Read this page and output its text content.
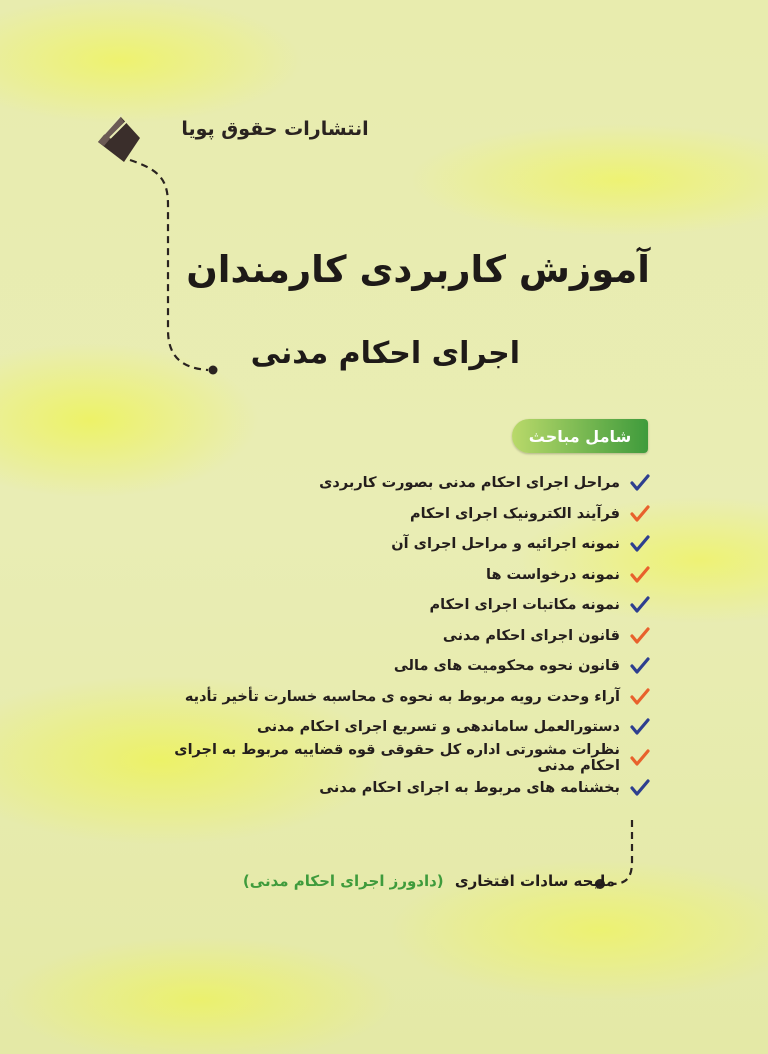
انتشارات حقوق پویا
آموزش کاربردی کارمندان
اجرای احکام مدنی
شامل مباحث
مراحل اجرای احکام مدنی بصورت کاربردی
فرآیند الکترونیک اجرای احکام
نمونه اجرائیه و مراحل اجرای آن
نمونه درخواست ها
نمونه مکاتبات اجرای احکام
قانون اجرای احکام مدنی
قانون نحوه محکومیت های مالی
آراء وحدت رویه مربوط به نحوه ی محاسبه خسارت تأخیر تأدیه
دستورالعمل ساماندهی و تسریع اجرای احکام مدنی
نظرات مشورتی اداره کل حقوقی قوه قضاییه مربوط به اجرای احکام مدنی
بخشنامه های مربوط به اجرای احکام مدنی
ملیحه سادات افتخاری (دادورز اجرای احکام مدنی)
